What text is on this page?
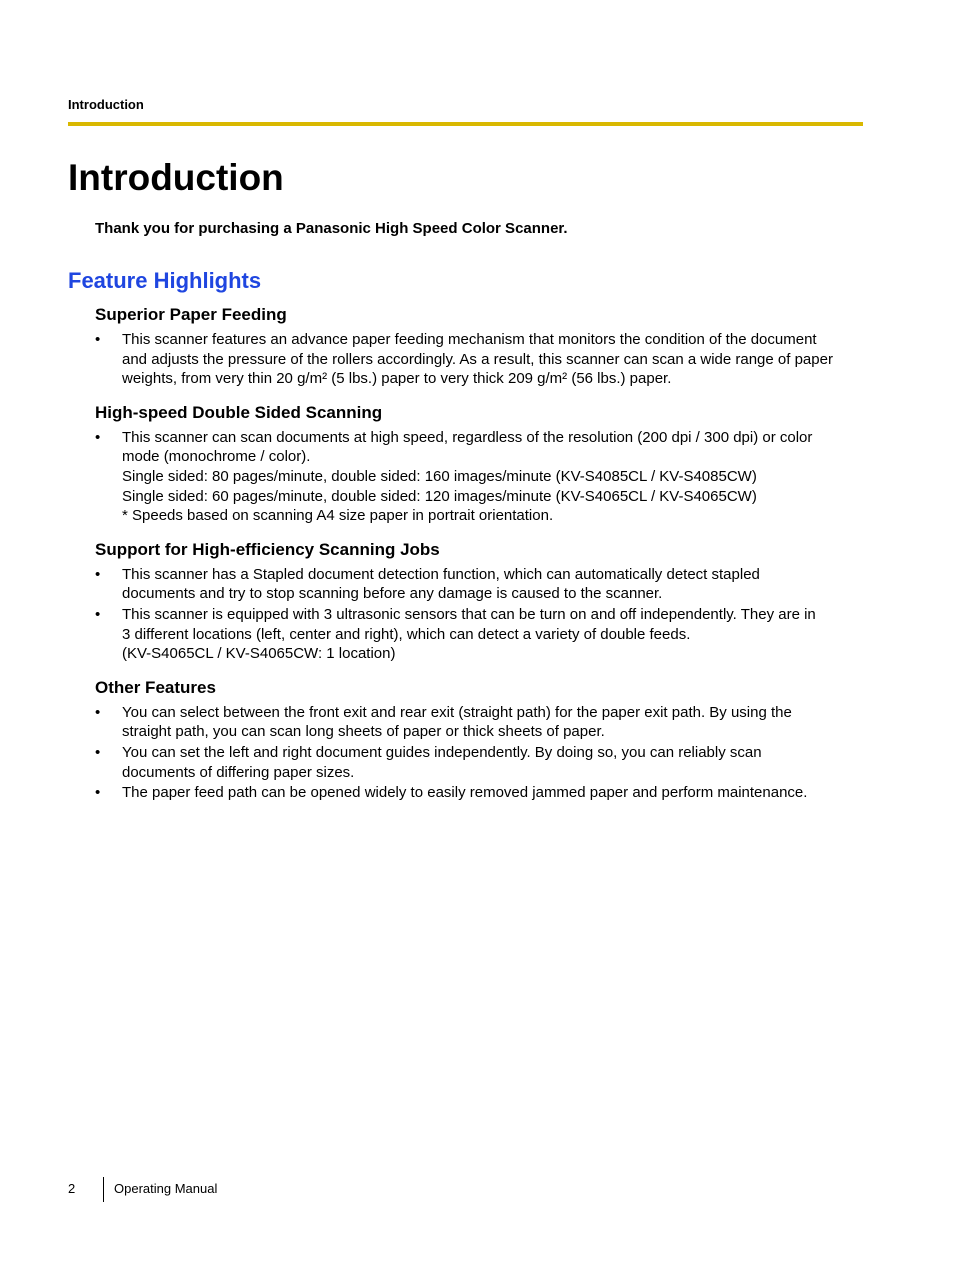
Introduction
Introduction

Thank you for purchasing a Panasonic High Speed Color Scanner.

Feature Highlights
Superior Paper Feeding
• This scanner features an advance paper feeding mechanism that monitors the condition of the document
and adjusts the pressure of the rollers accordingly. As a result, this scanner can scan a wide range of paper
weights, from very thin 20 g/m² (5 lbs.) paper to very thick 209 g/m² (56 lbs.) paper.
High-speed Double Sided Scanning
• This scanner can scan documents at high speed, regardless of the resolution (200 dpi / 300 dpi) or color
mode (monochrome / color).
Single sided: 80 pages/minute, double sided: 160 images/minute (KV-S4085CL / KV-S4085CW)
Single sided: 60 pages/minute, double sided: 120 images/minute (KV-S4065CL / KV-S4065CW)
* Speeds based on scanning A4 size paper in portrait orientation.
Support for High-efficiency Scanning Jobs
• This scanner has a Stapled document detection function, which can automatically detect stapled
documents and try to stop scanning before any damage is caused to the scanner.
• This scanner is equipped with 3 ultrasonic sensors that can be turn on and off independently. They are in
3 different locations (left, center and right), which can detect a variety of double feeds.
(KV-S4065CL / KV-S4065CW: 1 location)
Other Features
• You can select between the front exit and rear exit (straight path) for the paper exit path. By using the
straight path, you can scan long sheets of paper or thick sheets of paper.
• You can set the left and right document guides independently. By doing so, you can reliably scan
documents of differing paper sizes.
• The paper feed path can be opened widely to easily removed jammed paper and perform maintenance.
2	Operating Manual
